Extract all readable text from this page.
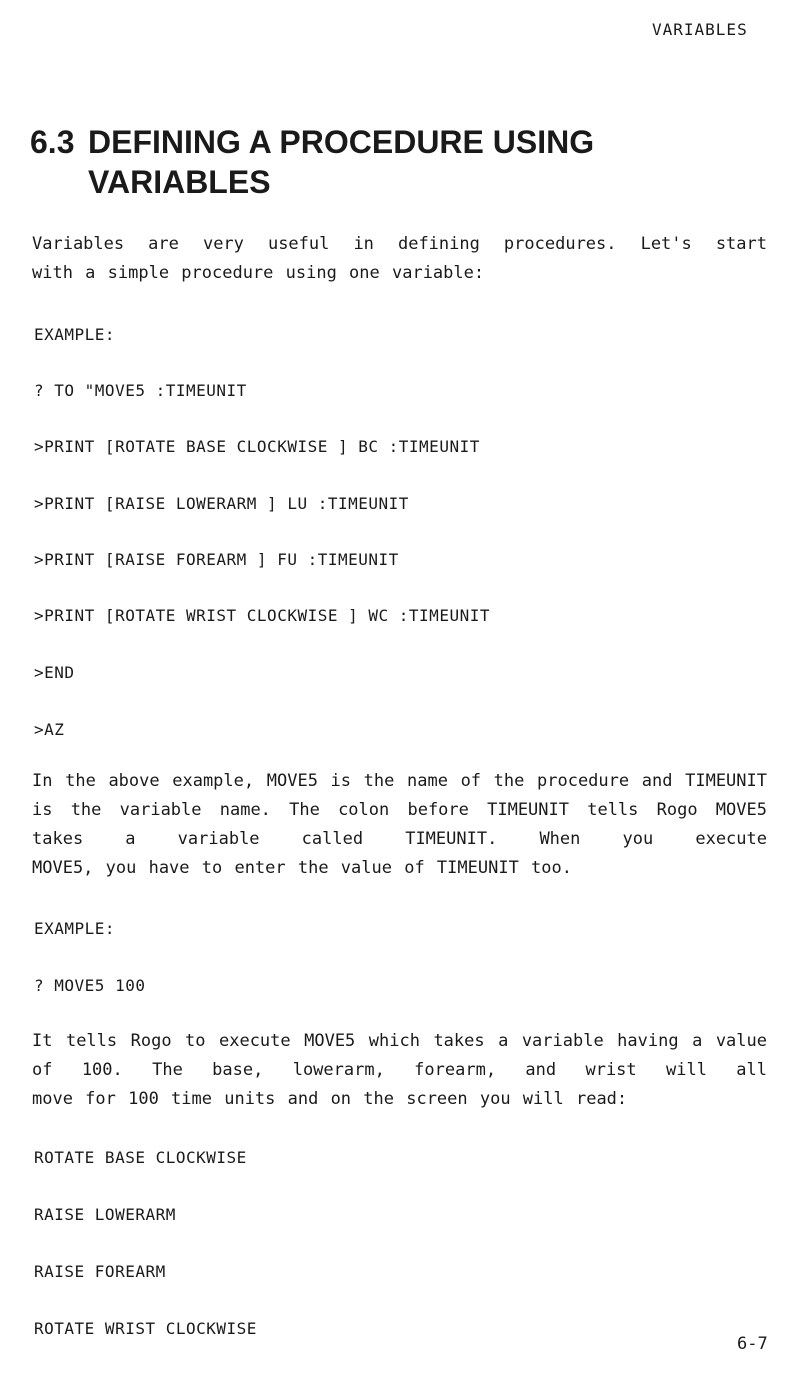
VARIABLES
6.3 DEFINING A PROCEDURE USING
VARIABLES

Variables are very useful in defining procedures. Let's start
with a simple procedure using one variable:

EXAMPLE:
? TO "MOVE5 :TIMEUNIT
>PRINT [ROTATE BASE CLOCKWISE ] BC :TIMEUNIT
>PRINT [RAISE LOWERARM ] LU :TIMEUNIT
>PRINT [RAISE FOREARM ] FU :TIMEUNIT
>PRINT [ROTATE WRIST CLOCKWISE ] WC :TIMEUNIT
>END
>AZ

In the above example, MOVE5 is the name of the procedure and TIMEUNIT is the variable name. The colon before TIMEUNIT tells Rogo MOVE5 takes a variable called TIMEUNIT. When you execute
MOVE5, you have to enter the value of TIMEUNIT too.

EXAMPLE:
? MOVE5 100

It tells Rogo to execute MOVE5 which takes a variable having a value of 100. The base, lowerarm, forearm, and wrist will all
move for 100 time units and on the screen you will read:

ROTATE BASE CLOCKWISE
RAISE LOWERARM
RAISE FOREARM
ROTATE WRIST CLOCKWISE
6-7
